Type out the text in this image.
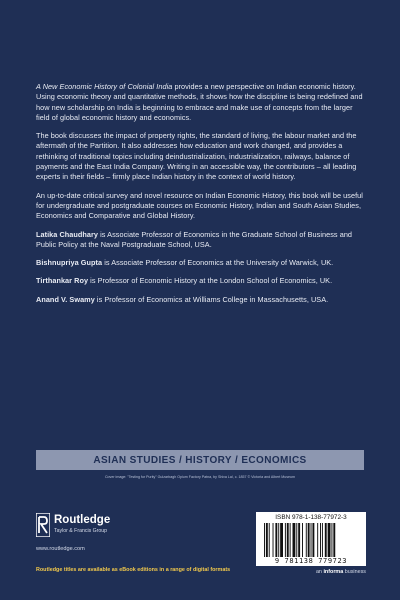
A New Economic History of Colonial India provides a new perspective on Indian economic history. Using economic theory and quantitative methods, it shows how the discipline is being redefined and how new scholarship on India is beginning to embrace and make use of concepts from the larger field of global economic history and economics.

The book discusses the impact of property rights, the standard of living, the labour market and the aftermath of the Partition. It also addresses how education and work changed, and provides a rethinking of traditional topics including deindustrialization, industrialization, railways, balance of payments and the East India Company. Writing in an accessible way, the contributors – all leading experts in their fields – firmly place Indian history in the context of world history.

An up-to-date critical survey and novel resource on Indian Economic History, this book will be useful for undergraduate and postgraduate courses on Economic History, Indian and South Asian Studies, Economics and Comparative and Global History.

Latika Chaudhary is Associate Professor of Economics in the Graduate School of Business and Public Policy at the Naval Postgraduate School, USA.
Bishnupriya Gupta is Associate Professor of Economics at the University of Warwick, UK.
Tirthankar Roy is Professor of Economic History at the London School of Economics, UK.
Anand V. Swamy is Professor of Economics at Williams College in Massachusetts, USA.
ASIAN STUDIES / HISTORY / ECONOMICS
Cover image: "Testing for Purity" Gulzarbagh Opium Factory Patna, by Shiva Lal, c. 1857 © Victoria and Albert Museum
Routledge
Taylor & Francis Group
www.routledge.com
Routledge titles are available as eBook editions in a range of digital formats
ISBN 978-1-138-77972-3
9 781138 779723
an informa business
